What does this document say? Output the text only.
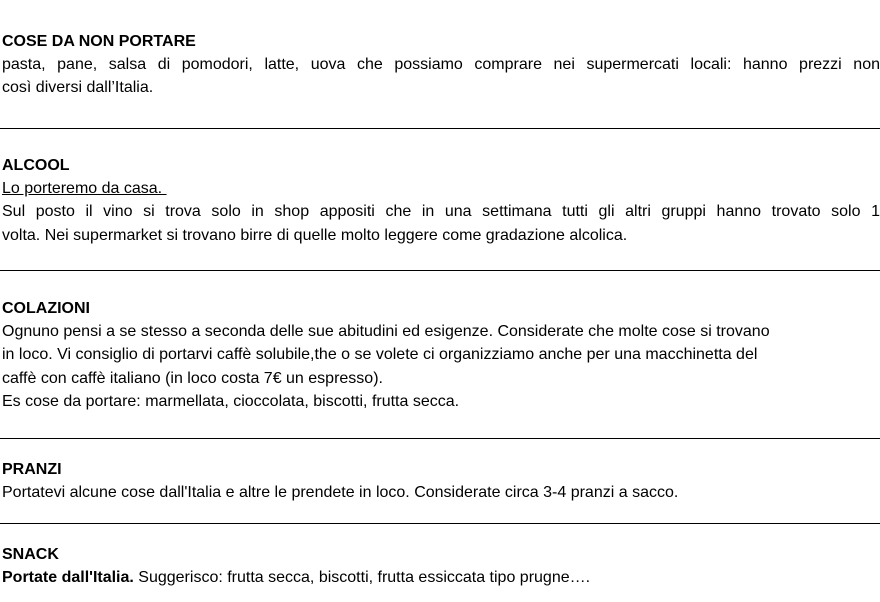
COSE DA NON PORTARE
pasta, pane, salsa di pomodori, latte, uova che possiamo comprare nei supermercati locali: hanno prezzi non
così diversi dall’Italia.
ALCOOL
Lo porteremo da casa.
Sul posto il vino si trova solo in shop appositi che in una settimana tutti gli altri gruppi hanno trovato solo 1
volta. Nei supermarket si trovano birre di quelle molto leggere come gradazione alcolica.
COLAZIONI
Ognuno pensi a se stesso a seconda delle sue abitudini ed esigenze. Considerate che molte cose si trovano
in loco. Vi consiglio di portarvi caffè solubile,the o se volete ci organizziamo anche per una macchinetta del
caffè con caffè italiano (in loco costa 7€ un espresso).
Es cose da portare: marmellata, cioccolata, biscotti, frutta secca.
PRANZI
Portatevi alcune cose dall'Italia e altre le prendete in loco. Considerate circa 3-4 pranzi a sacco.
SNACK
Portate dall'Italia. Suggerisco: frutta secca, biscotti, frutta essiccata tipo prugne….
